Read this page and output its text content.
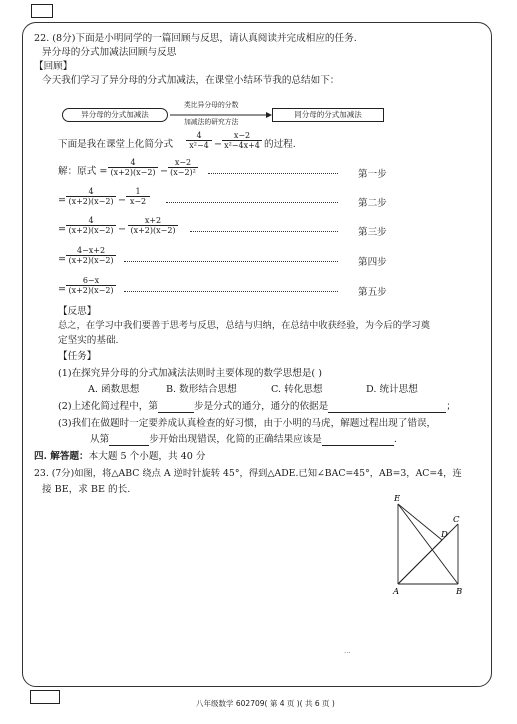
22. (8分)下面是小明同学的一篇回顾与反思，请认真阅读并完成相应的任务.
异分母的分式加减法回顾与反思
【回顾】
今天我们学习了异分母的分式加减法，在课堂小结环节我的总结如下：
异分母的分式加减法
类比异分母的分数
加减法的研究方法
同分母的分式加减法
下面是我在课堂上化简分式 $\frac{4}{\text{x²−4}} - \frac{x-2}{\text{x²−4x+4}}$ 的过程.
解：原式 = $\frac{4}{(x+2)(x-2)} - \frac{x-2}{\text{(x−2)²}}$	第一步
= $\frac{4}{(x+2)(x-2)} - \frac{1}{x-2}$	第二步
= $\frac{4}{(x+2)(x-2)} - \frac{x+2}{(x+2)(x-2)}$	第三步
= $\frac{4-x+2}{(x+2)(x-2)}$	第四步
= $\frac{6-x}{(x+2)(x-2)}$	第五步
【反思】
总之，在学习中我们要善于思考与反思，总结与归纳，在总结中收获经验，为今后的学习奠
定坚实的基础.
【任务】
(1)在探究异分母的分式加减法法则时主要体现的数学思想是( )
A. 函数思想	B. 数形结合思想	C. 转化思想	D. 统计思想
(2)上述化简过程中，第	步是分式的通分，通分的依据是	；
(3)我们在做题时一定要养成认真检查的好习惯，由于小明的马虎，解题过程出现了错误，
从第	步开始出现错误，化简的正确结果应该是	.
四. 解答题：本大题 5 个小题，共 40 分
23. (7分)如图，将△ABC 绕点 A 逆时针旋转 45°，得到△ADE.已知∠BAC=45°，AB=3，AC=4，连
接 BE，求 BE 的长.
E
C
D
A	B
...
八年级数学 602709( 第 4 页 )( 共 6 页 )
